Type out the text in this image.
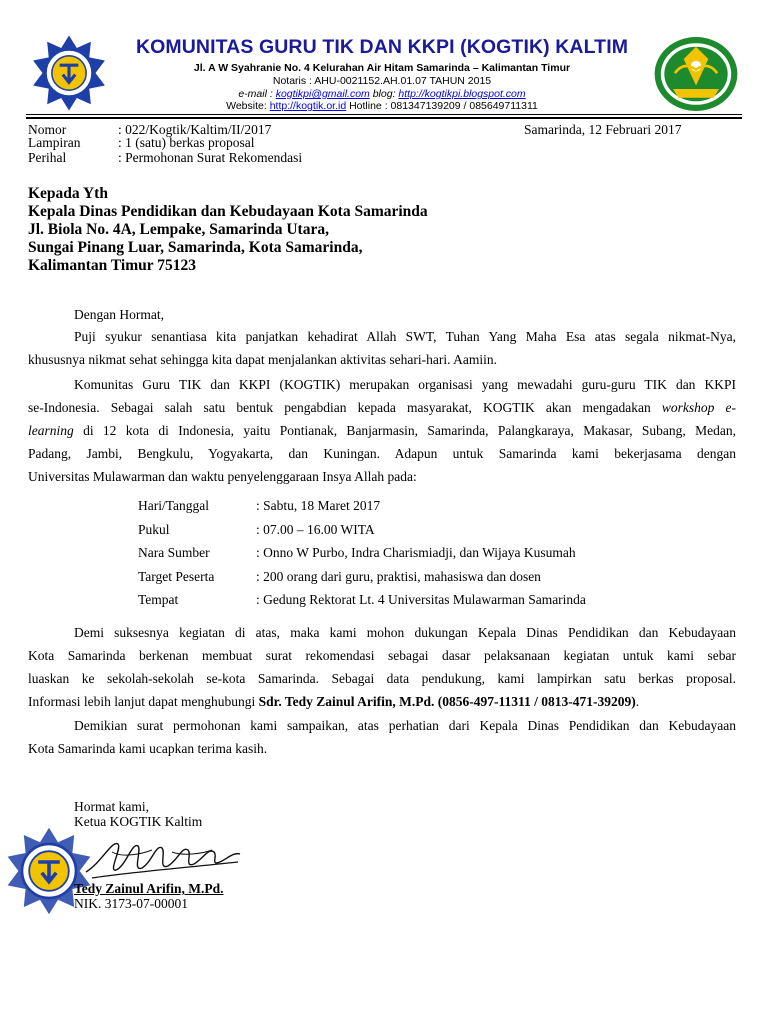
KOMUNITAS GURU TIK DAN KKPI (KOGTIK) KALTIM
Jl. A W Syahranie No. 4 Kelurahan Air Hitam Samarinda – Kalimantan Timur
Notaris : AHU-0021152.AH.01.07 TAHUN 2015
e-mail : kogtikpi@gmail.com blog: http://kogtikpi.blogspot.com
Website: http://kogtik.or.id Hotline : 081347139209 / 085649711311
Nomor	: 022/Kogtik/Kaltim/II/2017	Samarinda, 12 Februari 2017
Lampiran	: 1 (satu) berkas proposal
Perihal	: Permohonan Surat Rekomendasi
Kepada Yth
Kepala Dinas Pendidikan dan Kebudayaan Kota Samarinda
Jl. Biola No. 4A, Lempake, Samarinda Utara,
Sungai Pinang Luar, Samarinda, Kota Samarinda,
Kalimantan Timur 75123
Dengan Hormat,
Puji syukur senantiasa kita panjatkan kehadirat Allah SWT, Tuhan Yang Maha Esa atas segala nikmat-Nya,
khususnya nikmat sehat sehingga kita dapat menjalankan aktivitas sehari-hari. Aamiin.
Komunitas Guru TIK dan KKPI (KOGTIK) merupakan organisasi yang mewadahi guru-guru TIK dan KKPI
se-Indonesia. Sebagai salah satu bentuk pengabdian kepada masyarakat, KOGTIK akan mengadakan workshop e-
learning di 12 kota di Indonesia, yaitu Pontianak, Banjarmasin, Samarinda, Palangkaraya, Makasar, Subang, Medan,
Padang, Jambi, Bengkulu, Yogyakarta, dan Kuningan. Adapun untuk Samarinda kami bekerjasama dengan
Universitas Mulawarman dan waktu penyelenggaraan Insya Allah pada:
Hari/Tanggal	: Sabtu, 18 Maret 2017
Pukul	: 07.00 – 16.00 WITA
Nara Sumber	: Onno W Purbo, Indra Charismiadji, dan Wijaya Kusumah
Target Peserta	: 200 orang dari guru, praktisi, mahasiswa dan dosen
Tempat	: Gedung Rektorat Lt. 4 Universitas Mulawarman Samarinda
Demi suksesnya kegiatan di atas, maka kami mohon dukungan Kepala Dinas Pendidikan dan Kebudayaan
Kota Samarinda berkenan membuat surat rekomendasi sebagai dasar pelaksanaan kegiatan untuk kami sebar
luaskan ke sekolah-sekolah se-kota Samarinda. Sebagai data pendukung, kami lampirkan satu berkas proposal.
Informasi lebih lanjut dapat menghubungi Sdr. Tedy Zainul Arifin, M.Pd. (0856-497-11311 / 0813-471-39209).
Demikian surat permohonan kami sampaikan, atas perhatian dari Kepala Dinas Pendidikan dan Kebudayaan
Kota Samarinda kami ucapkan terima kasih.
Hormat kami,
Ketua KOGTIK Kaltim
Tedy Zainul Arifin, M.Pd.
NIK. 3173-07-00001
